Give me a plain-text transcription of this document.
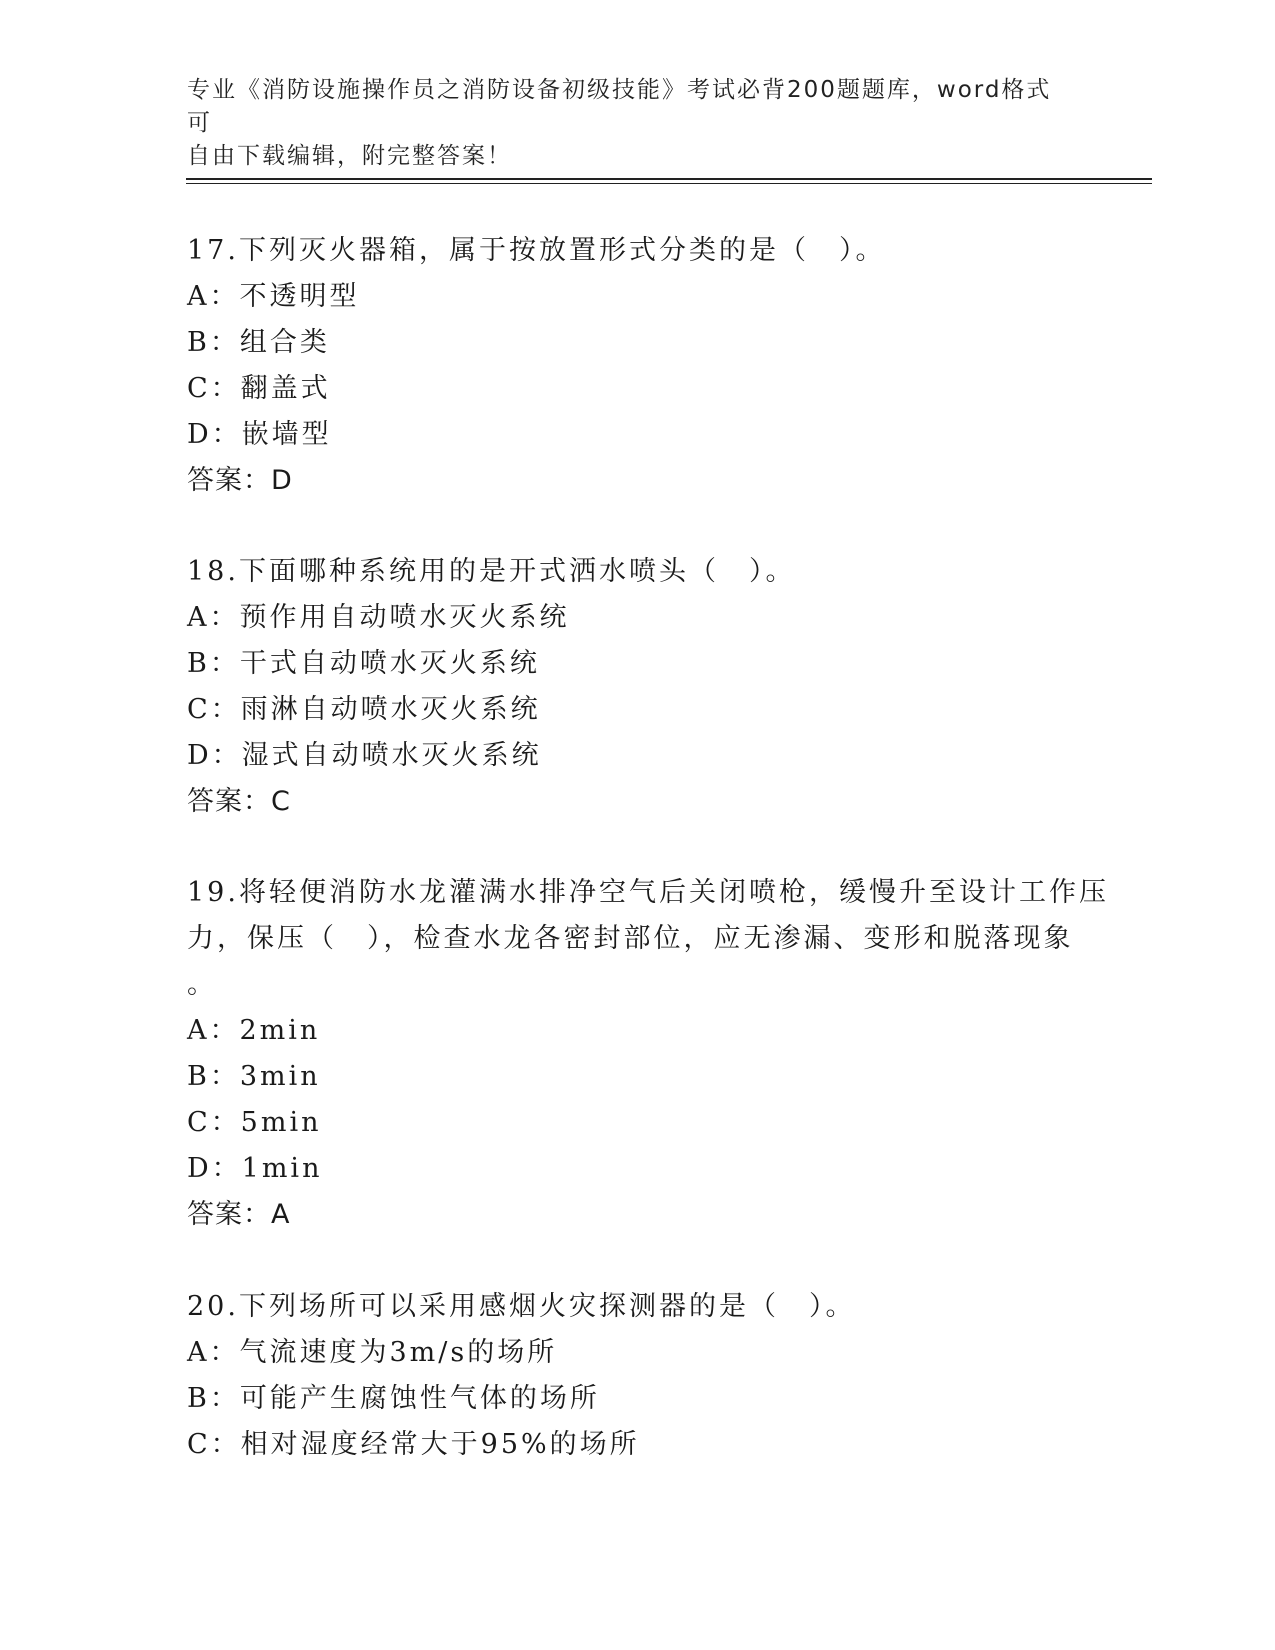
专业《消防设施操作员之消防设备初级技能》考试必背200题题库，word格式可
自由下载编辑，附完整答案！
17.下列灭火器箱，属于按放置形式分类的是（　）。
A：不透明型
B：组合类
C：翻盖式
D：嵌墙型
答案：D
18.下面哪种系统用的是开式洒水喷头（　）。
A：预作用自动喷水灭火系统
B：干式自动喷水灭火系统
C：雨淋自动喷水灭火系统
D：湿式自动喷水灭火系统
答案：C
19.将轻便消防水龙灌满水排净空气后关闭喷枪，缓慢升至设计工作压
力，保压（　），检查水龙各密封部位，应无渗漏、变形和脱落现象
。
A：2min
B：3min
C：5min
D：1min
答案：A
20.下列场所可以采用感烟火灾探测器的是（　）。
A：气流速度为3m/s的场所
B：可能产生腐蚀性气体的场所
C：相对湿度经常大于95%的场所
